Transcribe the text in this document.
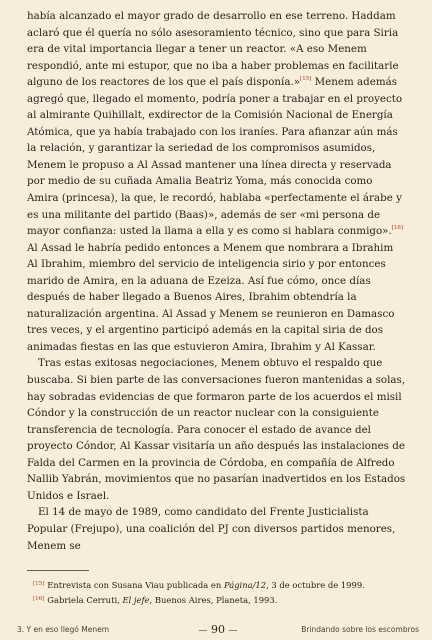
había alcanzado el mayor grado de desarrollo en ese terreno. Haddam aclaró que él quería no sólo asesoramiento técnico, sino que para Siria era de vital importancia llegar a tener un reactor. «A eso Menem respondió, ante mi estupor, que no iba a haber problemas en facilitarle alguno de los reactores de los que el país disponía.»[15] Menem además agregó que, llegado el momento, podría poner a trabajar en el proyecto al almirante Quihillalt, exdirector de la Comisión Nacional de Energía Atómica, que ya había trabajado con los iraníes. Para afianzar aún más la relación, y garantizar la seriedad de los compromisos asumidos, Menem le propuso a Al Assad mantener una línea directa y reservada por medio de su cuñada Amalia Beatriz Yoma, más conocida como Amira (princesa), la que, le recordó, hablaba «perfectamente el árabe y es una militante del partido (Baas)», además de ser «mi persona de mayor confianza: usted la llama a ella y es como si hablara conmigo».[16] Al Assad le habría pedido entonces a Menem que nombrara a Ibrahim Al Ibrahim, miembro del servicio de inteligencia sirio y por entonces marido de Amira, en la aduana de Ezeiza. Así fue cómo, once días después de haber llegado a Buenos Aires, Ibrahim obtendría la naturalización argentina. Al Assad y Menem se reunieron en Damasco tres veces, y el argentino participó además en la capital siria de dos animadas fiestas en las que estuvieron Amira, Ibrahim y Al Kassar.

Tras estas exitosas negociaciones, Menem obtuvo el respaldo que buscaba. Si bien parte de las conversaciones fueron mantenidas a solas, hay sobradas evidencias de que formaron parte de los acuerdos el misil Cóndor y la construcción de un reactor nuclear con la consiguiente transferencia de tecnología. Para conocer el estado de avance del proyecto Cóndor, Al Kassar visitaría un año después las instalaciones de Falda del Carmen en la provincia de Córdoba, en compañía de Alfredo Nallib Yabrán, movimientos que no pasarían inadvertidos en los Estados Unidos e Israel.

El 14 de mayo de 1989, como candidato del Frente Justicialista Popular (Frejupo), una coalición del PJ con diversos partidos menores, Menem se

[15] Entrevista con Susana Viau publicada en Página/12, 3 de octubre de 1999.

[16] Gabriela Cerruti, El jefe, Buenos Aires, Planeta, 1993.

3. Y en eso llegó Menem	— 90 —	Brindando sobre los escombros
